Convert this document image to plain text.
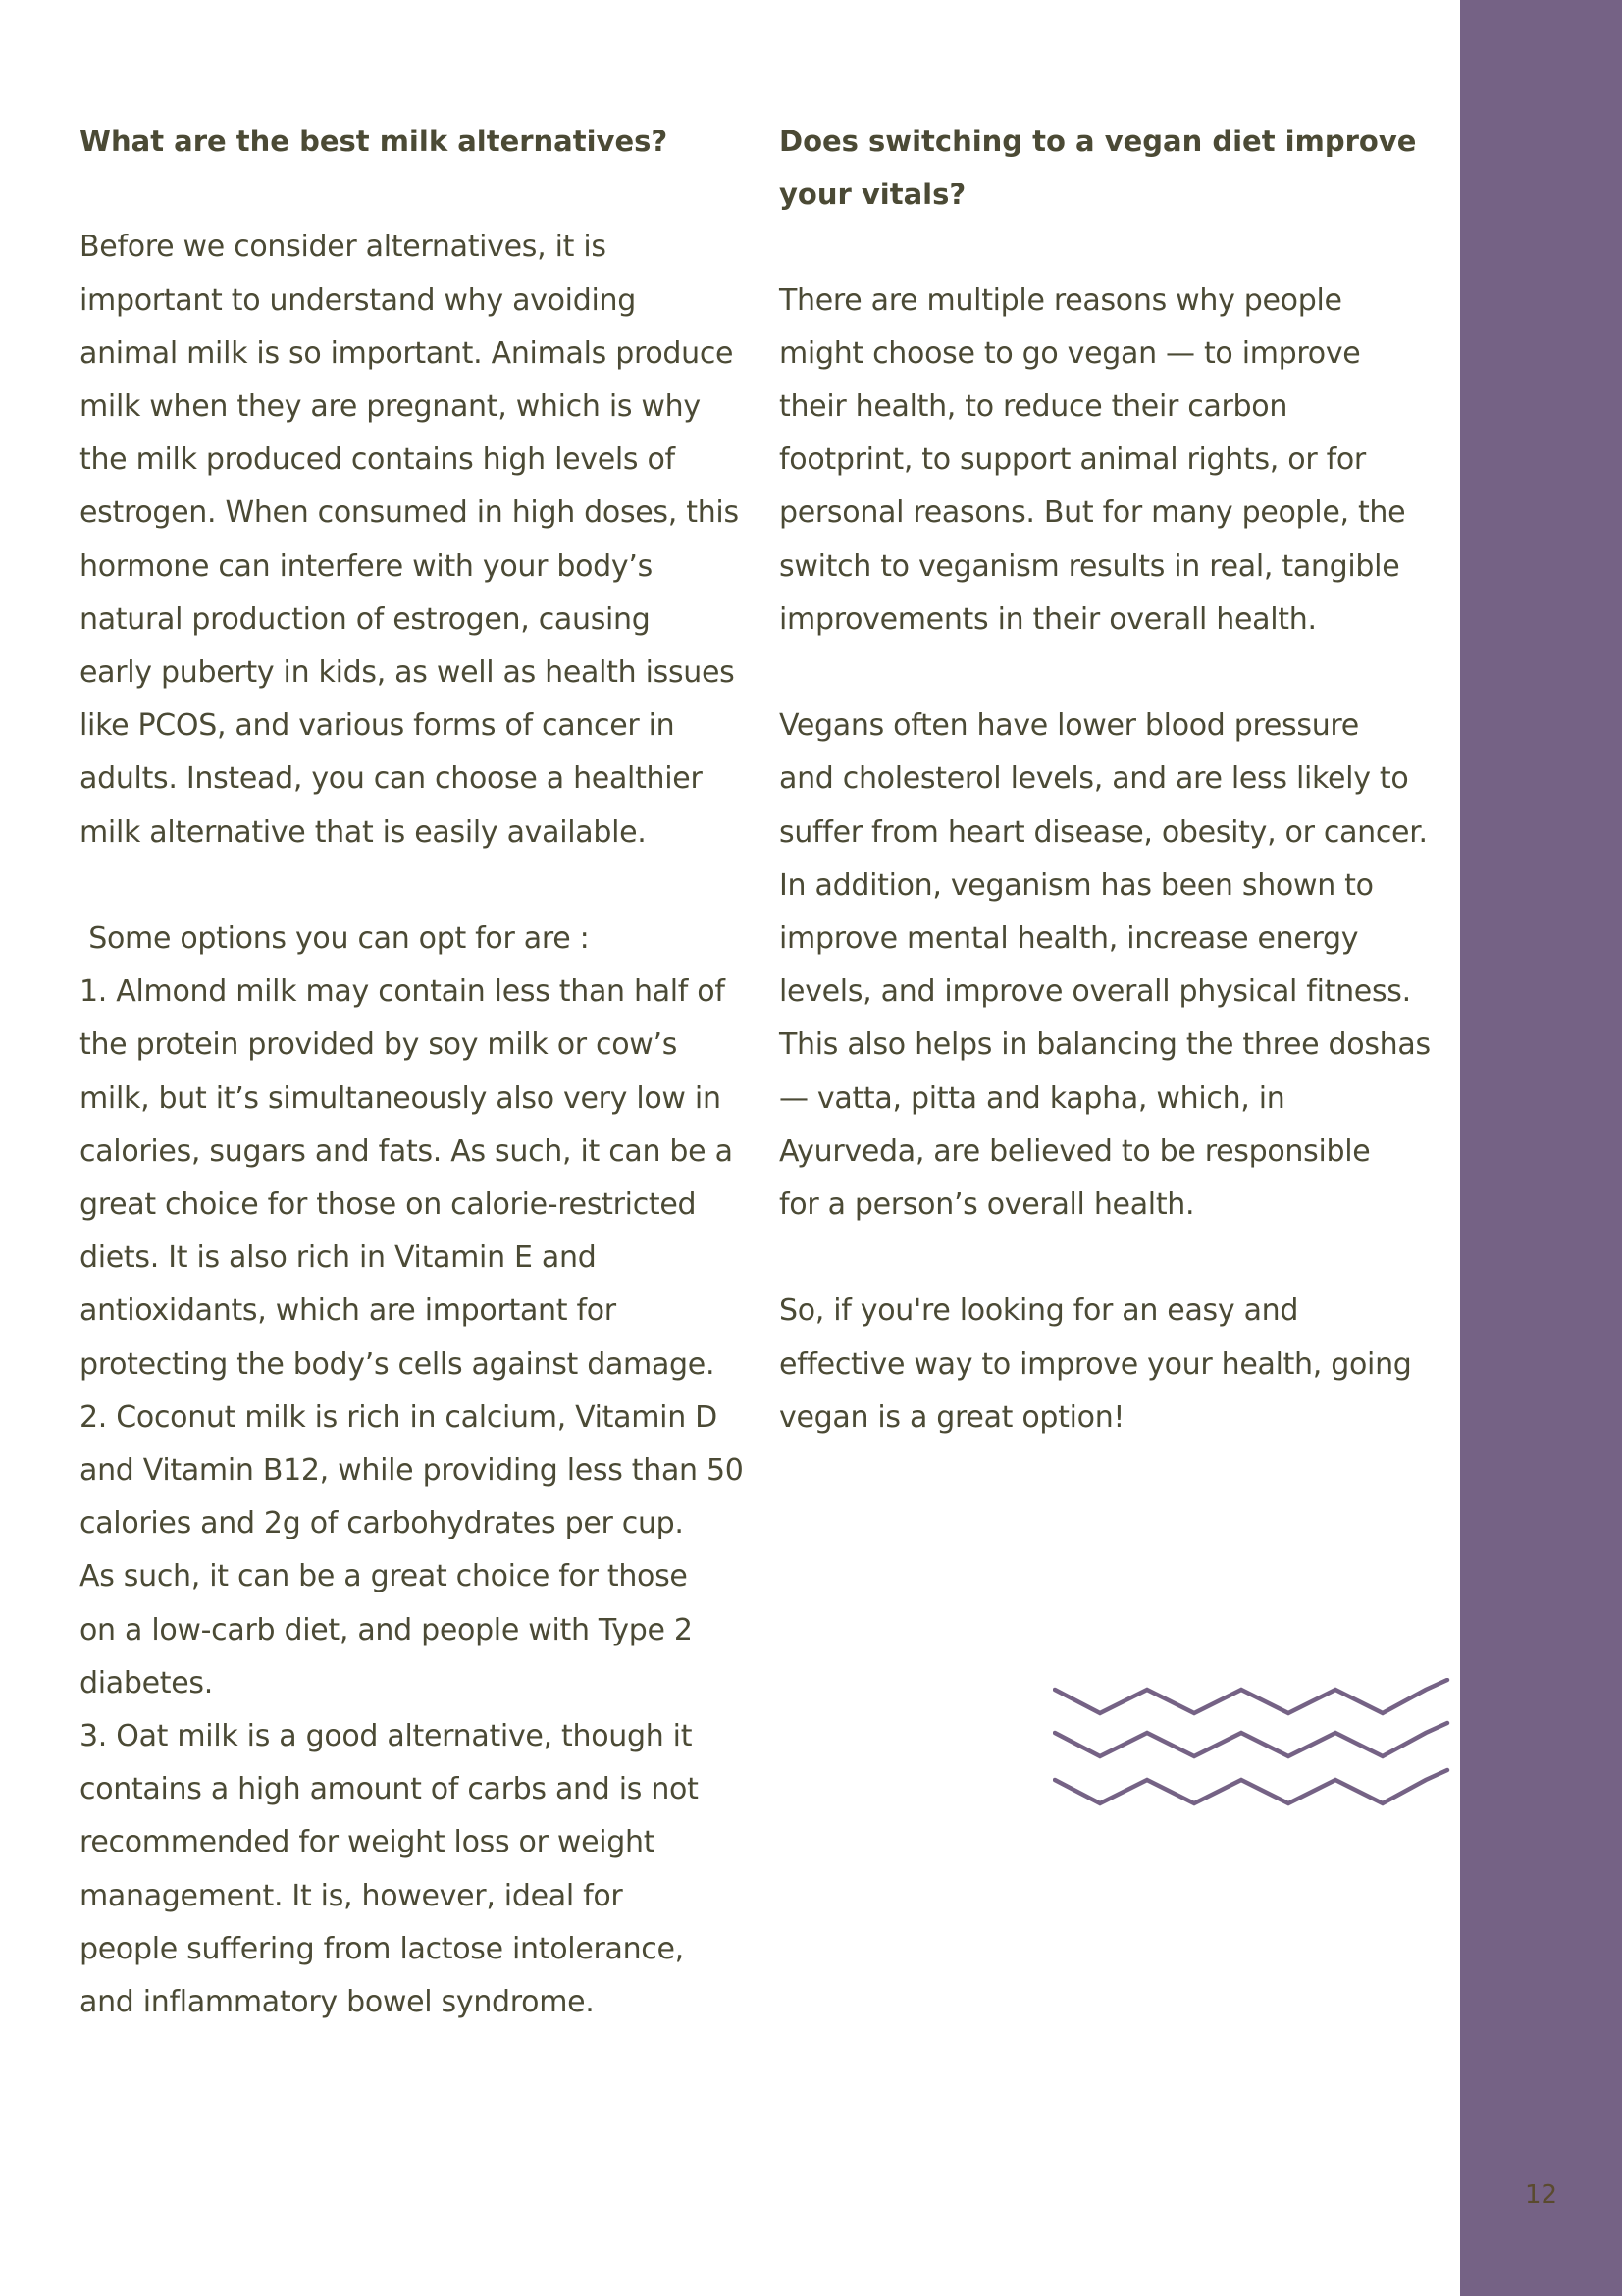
12
What are the best milk alternatives?
Before we consider alternatives, it is
important to understand why avoiding
animal milk is so important. Animals produce
milk when they are pregnant, which is why
the milk produced contains high levels of
estrogen. When consumed in high doses, this
hormone can interfere with your body’s
natural production of estrogen, causing
early puberty in kids, as well as health issues
like PCOS, and various forms of cancer in
adults. Instead, you can choose a healthier
milk alternative that is easily available.
Some options you can opt for are :
1. Almond milk may contain less than half of
the protein provided by soy milk or cow’s
milk, but it’s simultaneously also very low in
calories, sugars and fats. As such, it can be a
great choice for those on calorie-restricted
diets. It is also rich in Vitamin E and
antioxidants, which are important for
protecting the body’s cells against damage.
2. Coconut milk is rich in calcium, Vitamin D
and Vitamin B12, while providing less than 50
calories and 2g of carbohydrates per cup.
As such, it can be a great choice for those
on a low-carb diet, and people with Type 2
diabetes.
3. Oat milk is a good alternative, though it
contains a high amount of carbs and is not
recommended for weight loss or weight
management. It is, however, ideal for
people suffering from lactose intolerance,
and inflammatory bowel syndrome.
Does switching to a vegan diet improve
your vitals?
There are multiple reasons why people
might choose to go vegan — to improve
their health, to reduce their carbon
footprint, to support animal rights, or for
personal reasons. But for many people, the
switch to veganism results in real, tangible
improvements in their overall health.
Vegans often have lower blood pressure
and cholesterol levels, and are less likely to
suffer from heart disease, obesity, or cancer.
In addition, veganism has been shown to
improve mental health, increase energy
levels, and improve overall physical fitness.
This also helps in balancing the three doshas
— vatta, pitta and kapha, which, in
Ayurveda, are believed to be responsible
for a person’s overall health.
So, if you're looking for an easy and
effective way to improve your health, going
vegan is a great option!
